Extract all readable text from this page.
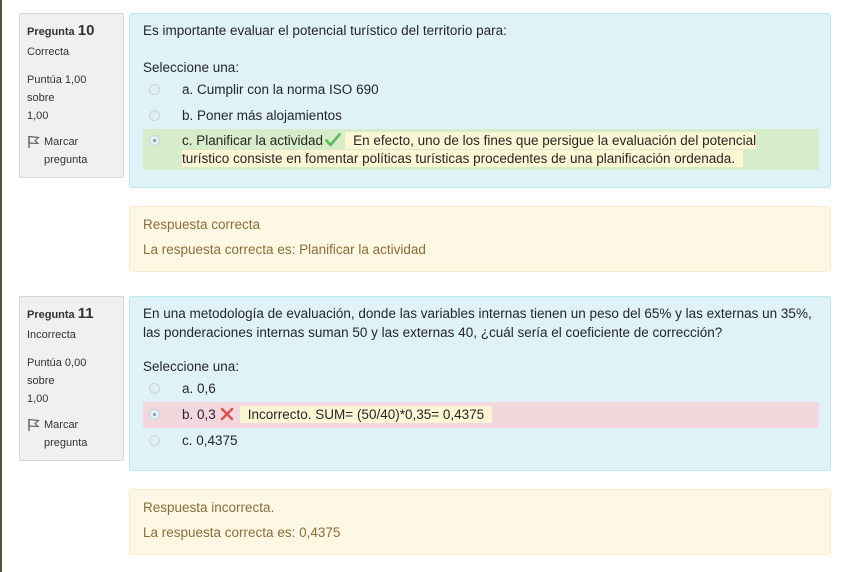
Pregunta 10
Correcta
Puntúa 1,00 sobre
1,00
Marcar
pregunta
Es importante evaluar el potencial turístico del territorio para:
Seleccione una:
a. Cumplir con la norma ISO 690
b. Poner más alojamientos
c. Planificar la actividad En efecto, uno de los fines que persigue la evaluación del potencial turístico consiste en fomentar políticas turísticas procedentes de una planificación ordenada.
Respuesta correcta
La respuesta correcta es: Planificar la actividad
Pregunta 11
Incorrecta
Puntúa 0,00 sobre
1,00
Marcar
pregunta
En una metodología de evaluación, donde las variables internas tienen un peso del 65% y las externas un 35%, las ponderaciones internas suman 50 y las externas 40, ¿cuál sería el coeficiente de corrección?
Seleccione una:
a. 0,6
b. 0,3 Incorrecto. SUM= (50/40)*0,35= 0,4375
c. 0,4375
Respuesta incorrecta.
La respuesta correcta es: 0,4375
